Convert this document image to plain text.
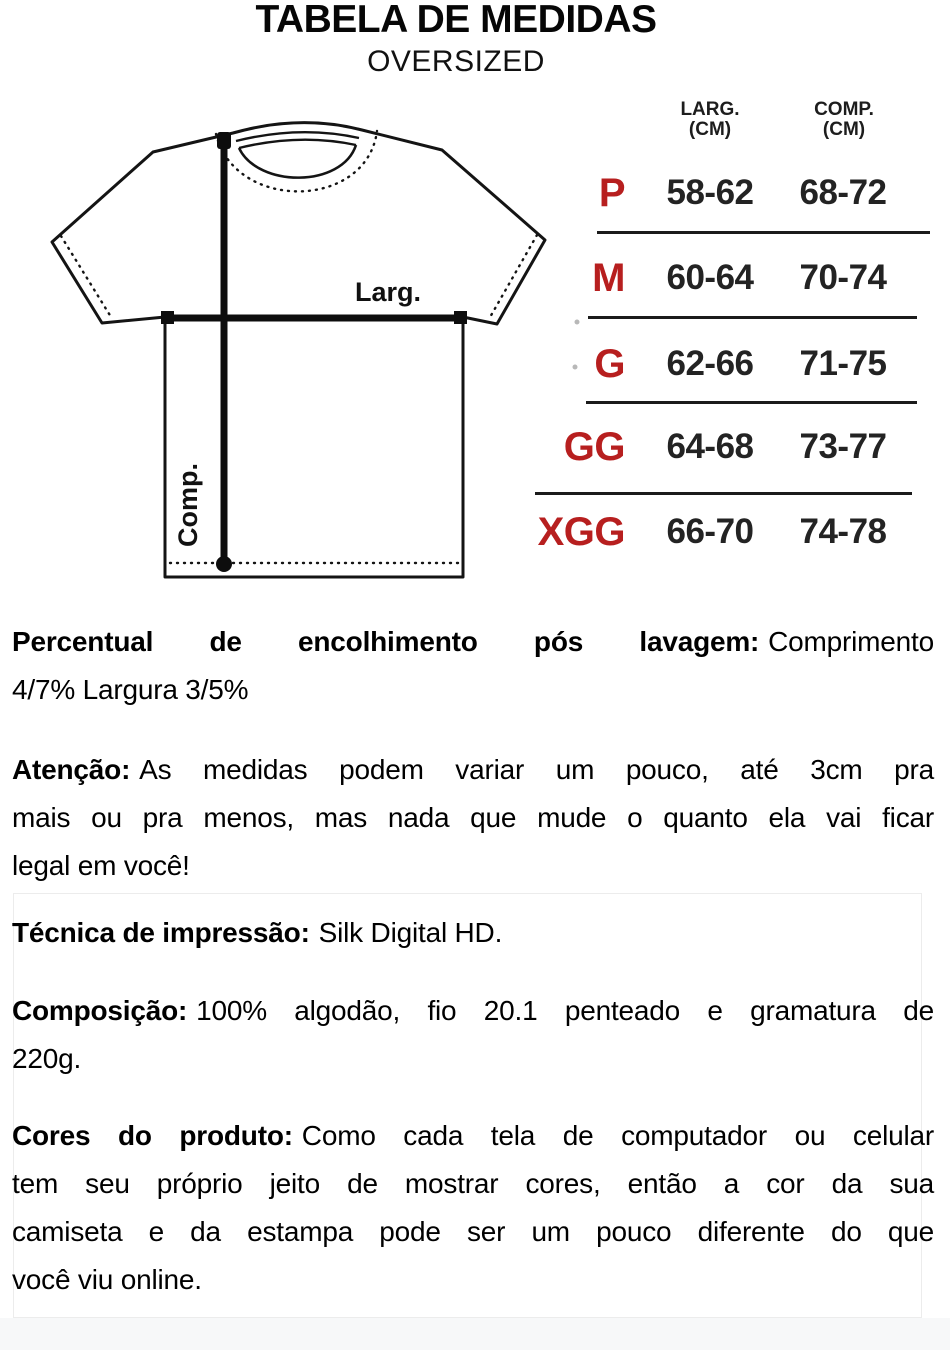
TABELA DE MEDIDAS
OVERSIZED
Larg.
Comp.
LARG.
(CM)
COMP.
(CM)
P	58-62	68-72
M	60-64	70-74
G	62-66	71-75
GG	64-68	73-77
XGG	66-70	74-78
Percentual de encolhimento pós lavagem: Comprimento
4/7% Largura 3/5%
Atenção: As medidas podem variar um pouco, até 3cm pra
mais ou pra menos, mas nada que mude o quanto ela vai ficar
legal em você!
Técnica de impressão: Silk Digital HD.
Composição: 100% algodão, fio 20.1 penteado e gramatura de
220g.
Cores do produto: Como cada tela de computador ou celular
tem seu próprio jeito de mostrar cores, então a cor da sua
camiseta e da estampa pode ser um pouco diferente do que
você viu online.
